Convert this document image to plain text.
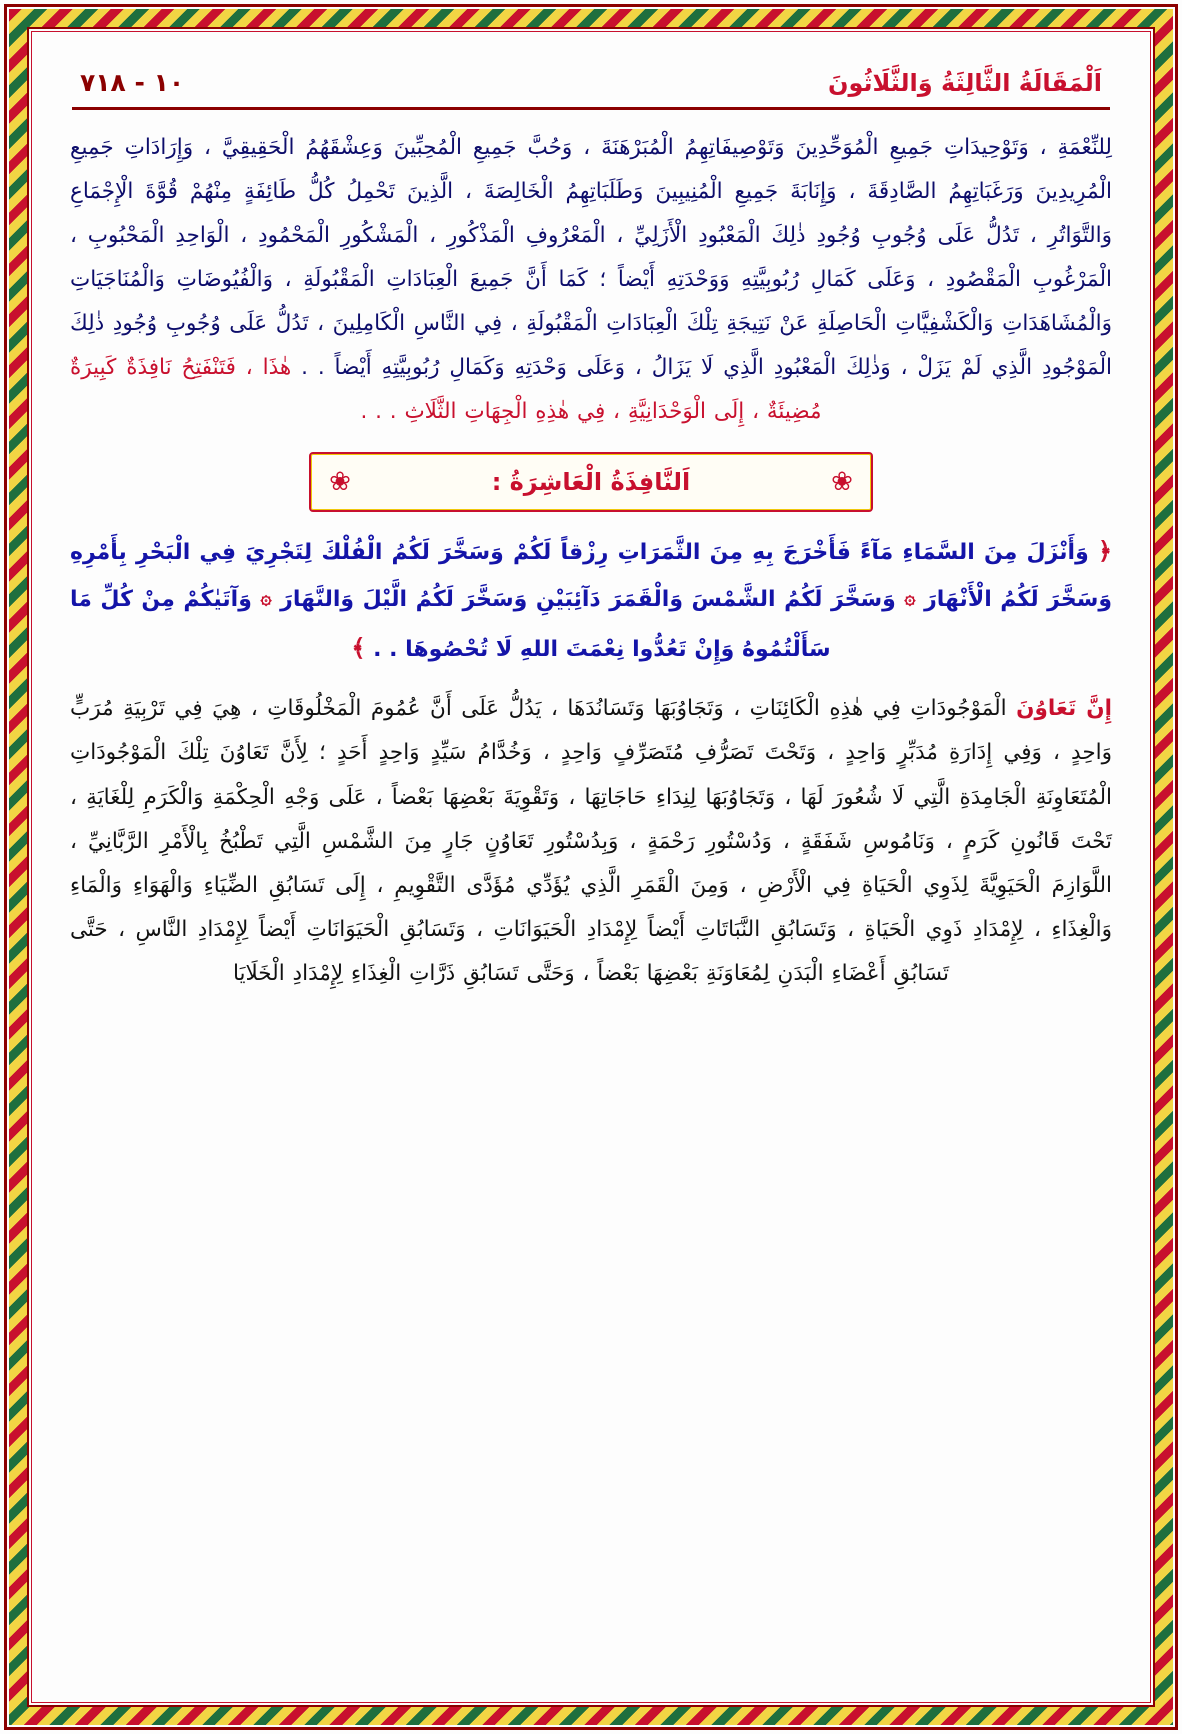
١٠ - ٧١٨	اَلْمَقَالَةُ الثَّالِثَةُ وَالثَّلَاثُونَ

لِلنِّعْمَةِ ، وَتَوْحِيدَاتِ جَمِيعِ الْمُوَحِّدِينَ وَتَوْصِيفَاتِهِمُ الْمُبَرْهَنَةَ ، وَحُبَّ جَمِيعِ الْمُحِبِّينَ وَعِشْقَهُمُ الْحَقِيقِيَّ ، وَإِرَادَاتِ جَمِيعِ الْمُرِيدِينَ وَرَغَبَاتِهِمُ الصَّادِقَةَ ، وَإِنَابَةَ جَمِيعِ الْمُنِيبِينَ وَطَلَبَاتِهِمُ الْخَالِصَةَ ، الَّذِينَ تَحْمِلُ كُلُّ طَائِفَةٍ مِنْهُمْ قُوَّةَ الْإِجْمَاعِ وَالتَّوَاتُرِ ، تَدُلُّ عَلَى وُجُوبِ وُجُودِ ذٰلِكَ الْمَعْبُودِ الْأَزَلِيِّ ، الْمَعْرُوفِ الْمَذْكُورِ ، الْمَشْكُورِ الْمَحْمُودِ ، الْوَاحِدِ الْمَحْبُوبِ ، الْمَرْغُوبِ الْمَقْصُودِ ، وَعَلَى كَمَالِ رُبُوبِيَّتِهِ وَوَحْدَتِهِ أَيْضاً ؛ كَمَا أَنَّ جَمِيعَ الْعِبَادَاتِ الْمَقْبُولَةِ ، وَالْفُيُوضَاتِ وَالْمُنَاجَيَاتِ وَالْمُشَاهَدَاتِ وَالْكَشْفِيَّاتِ الْحَاصِلَةِ عَنْ نَتِيجَةِ تِلْكَ الْعِبَادَاتِ الْمَقْبُولَةِ ، فِي النَّاسِ الْكَامِلِينَ ، تَدُلُّ عَلَى وُجُوبِ وُجُودِ ذٰلِكَ الْمَوْجُودِ الَّذِي لَمْ يَزَلْ ، وَذٰلِكَ الْمَعْبُودِ الَّذِي لَا يَزَالُ ، وَعَلَى وَحْدَتِهِ وَكَمَالِ رُبُوبِيَّتِهِ أَيْضاً . . هٰذَا ، فَتَنْفَتِحُ نَافِذَةٌ كَبِيرَةٌ مُضِيئَةٌ ، إِلَى الْوَحْدَانِيَّةِ ، فِي هٰذِهِ الْجِهَاتِ الثَّلَاثِ . . .

❀
اَلنَّافِذَةُ الْعَاشِرَةُ :
❀

﴿ وَأَنْزَلَ مِنَ السَّمَاءِ مَآءً فَأَخْرَجَ بِهِ مِنَ الثَّمَرَاتِ رِزْقاً لَكُمْ وَسَخَّرَ لَكُمُ الْفُلْكَ لِتَجْرِيَ فِي الْبَحْرِ بِأَمْرِهِ وَسَخَّرَ لَكُمُ الْأَنْهَارَ ۞ وَسَخَّرَ لَكُمُ الشَّمْسَ وَالْقَمَرَ دَآئِبَيْنِ وَسَخَّرَ لَكُمُ الَّيْلَ وَالنَّهَارَ ۞ وَآتَيٰكُمْ مِنْ كُلِّ مَا سَأَلْتُمُوهُ وَإِنْ تَعُدُّوا نِعْمَتَ اللهِ لَا تُحْصُوهَا . . ﴾

إِنَّ تَعَاوُنَ الْمَوْجُودَاتِ فِي هٰذِهِ الْكَائِنَاتِ ، وَتَجَاوُبَهَا وَتَسَانُدَهَا ، يَدُلُّ عَلَى أَنَّ عُمُومَ الْمَخْلُوقَاتِ ، هِيَ فِي تَرْبِيَةِ مُرَبٍّ وَاحِدٍ ، وَفِي إِدَارَةِ مُدَبِّرٍ وَاحِدٍ ، وَتَحْتَ تَصَرُّفِ مُتَصَرِّفٍ وَاحِدٍ ، وَخُدَّامُ سَيِّدٍ وَاحِدٍ أَحَدٍ ؛ لِأَنَّ تَعَاوُنَ تِلْكَ الْمَوْجُودَاتِ الْمُتَعَاوِنَةِ الْجَامِدَةِ الَّتِي لَا شُعُورَ لَهَا ، وَتَجَاوُبَهَا لِنِدَاءِ حَاجَاتِهَا ، وَتَقْوِيَةَ بَعْضِهَا بَعْضاً ، عَلَى وَجْهِ الْحِكْمَةِ وَالْكَرَمِ لِلْغَايَةِ ، تَحْتَ قَانُونِ كَرَمٍ ، وَنَامُوسِ شَفَقَةٍ ، وَدُسْتُورِ رَحْمَةٍ ، وَبِدُسْتُورِ تَعَاوُنٍ جَارٍ مِنَ الشَّمْسِ الَّتِي تَطْبُخُ بِالْأَمْرِ الرَّبَّانِيِّ ، اللَّوَازِمَ الْحَيَوِيَّةَ لِذَوِي الْحَيَاةِ فِي الْأَرْضِ ، وَمِنَ الْقَمَرِ الَّذِي يُؤَدِّي مُؤَدَّى التَّقْوِيمِ ، إِلَى تَسَابُقِ الضِّيَاءِ وَالْهَوَاءِ وَالْمَاءِ وَالْغِذَاءِ ، لِإِمْدَادِ ذَوِي الْحَيَاةِ ، وَتَسَابُقِ النَّبَاتَاتِ أَيْضاً لِإِمْدَادِ الْحَيَوَانَاتِ ، وَتَسَابُقِ الْحَيَوَانَاتِ أَيْضاً لِإِمْدَادِ النَّاسِ ، حَتَّى تَسَابُقِ أَعْضَاءِ الْبَدَنِ لِمُعَاوَنَةِ بَعْضِهَا بَعْضاً ، وَحَتَّى تَسَابُقِ ذَرَّاتِ الْغِذَاءِ لِإِمْدَادِ الْخَلَايَا
